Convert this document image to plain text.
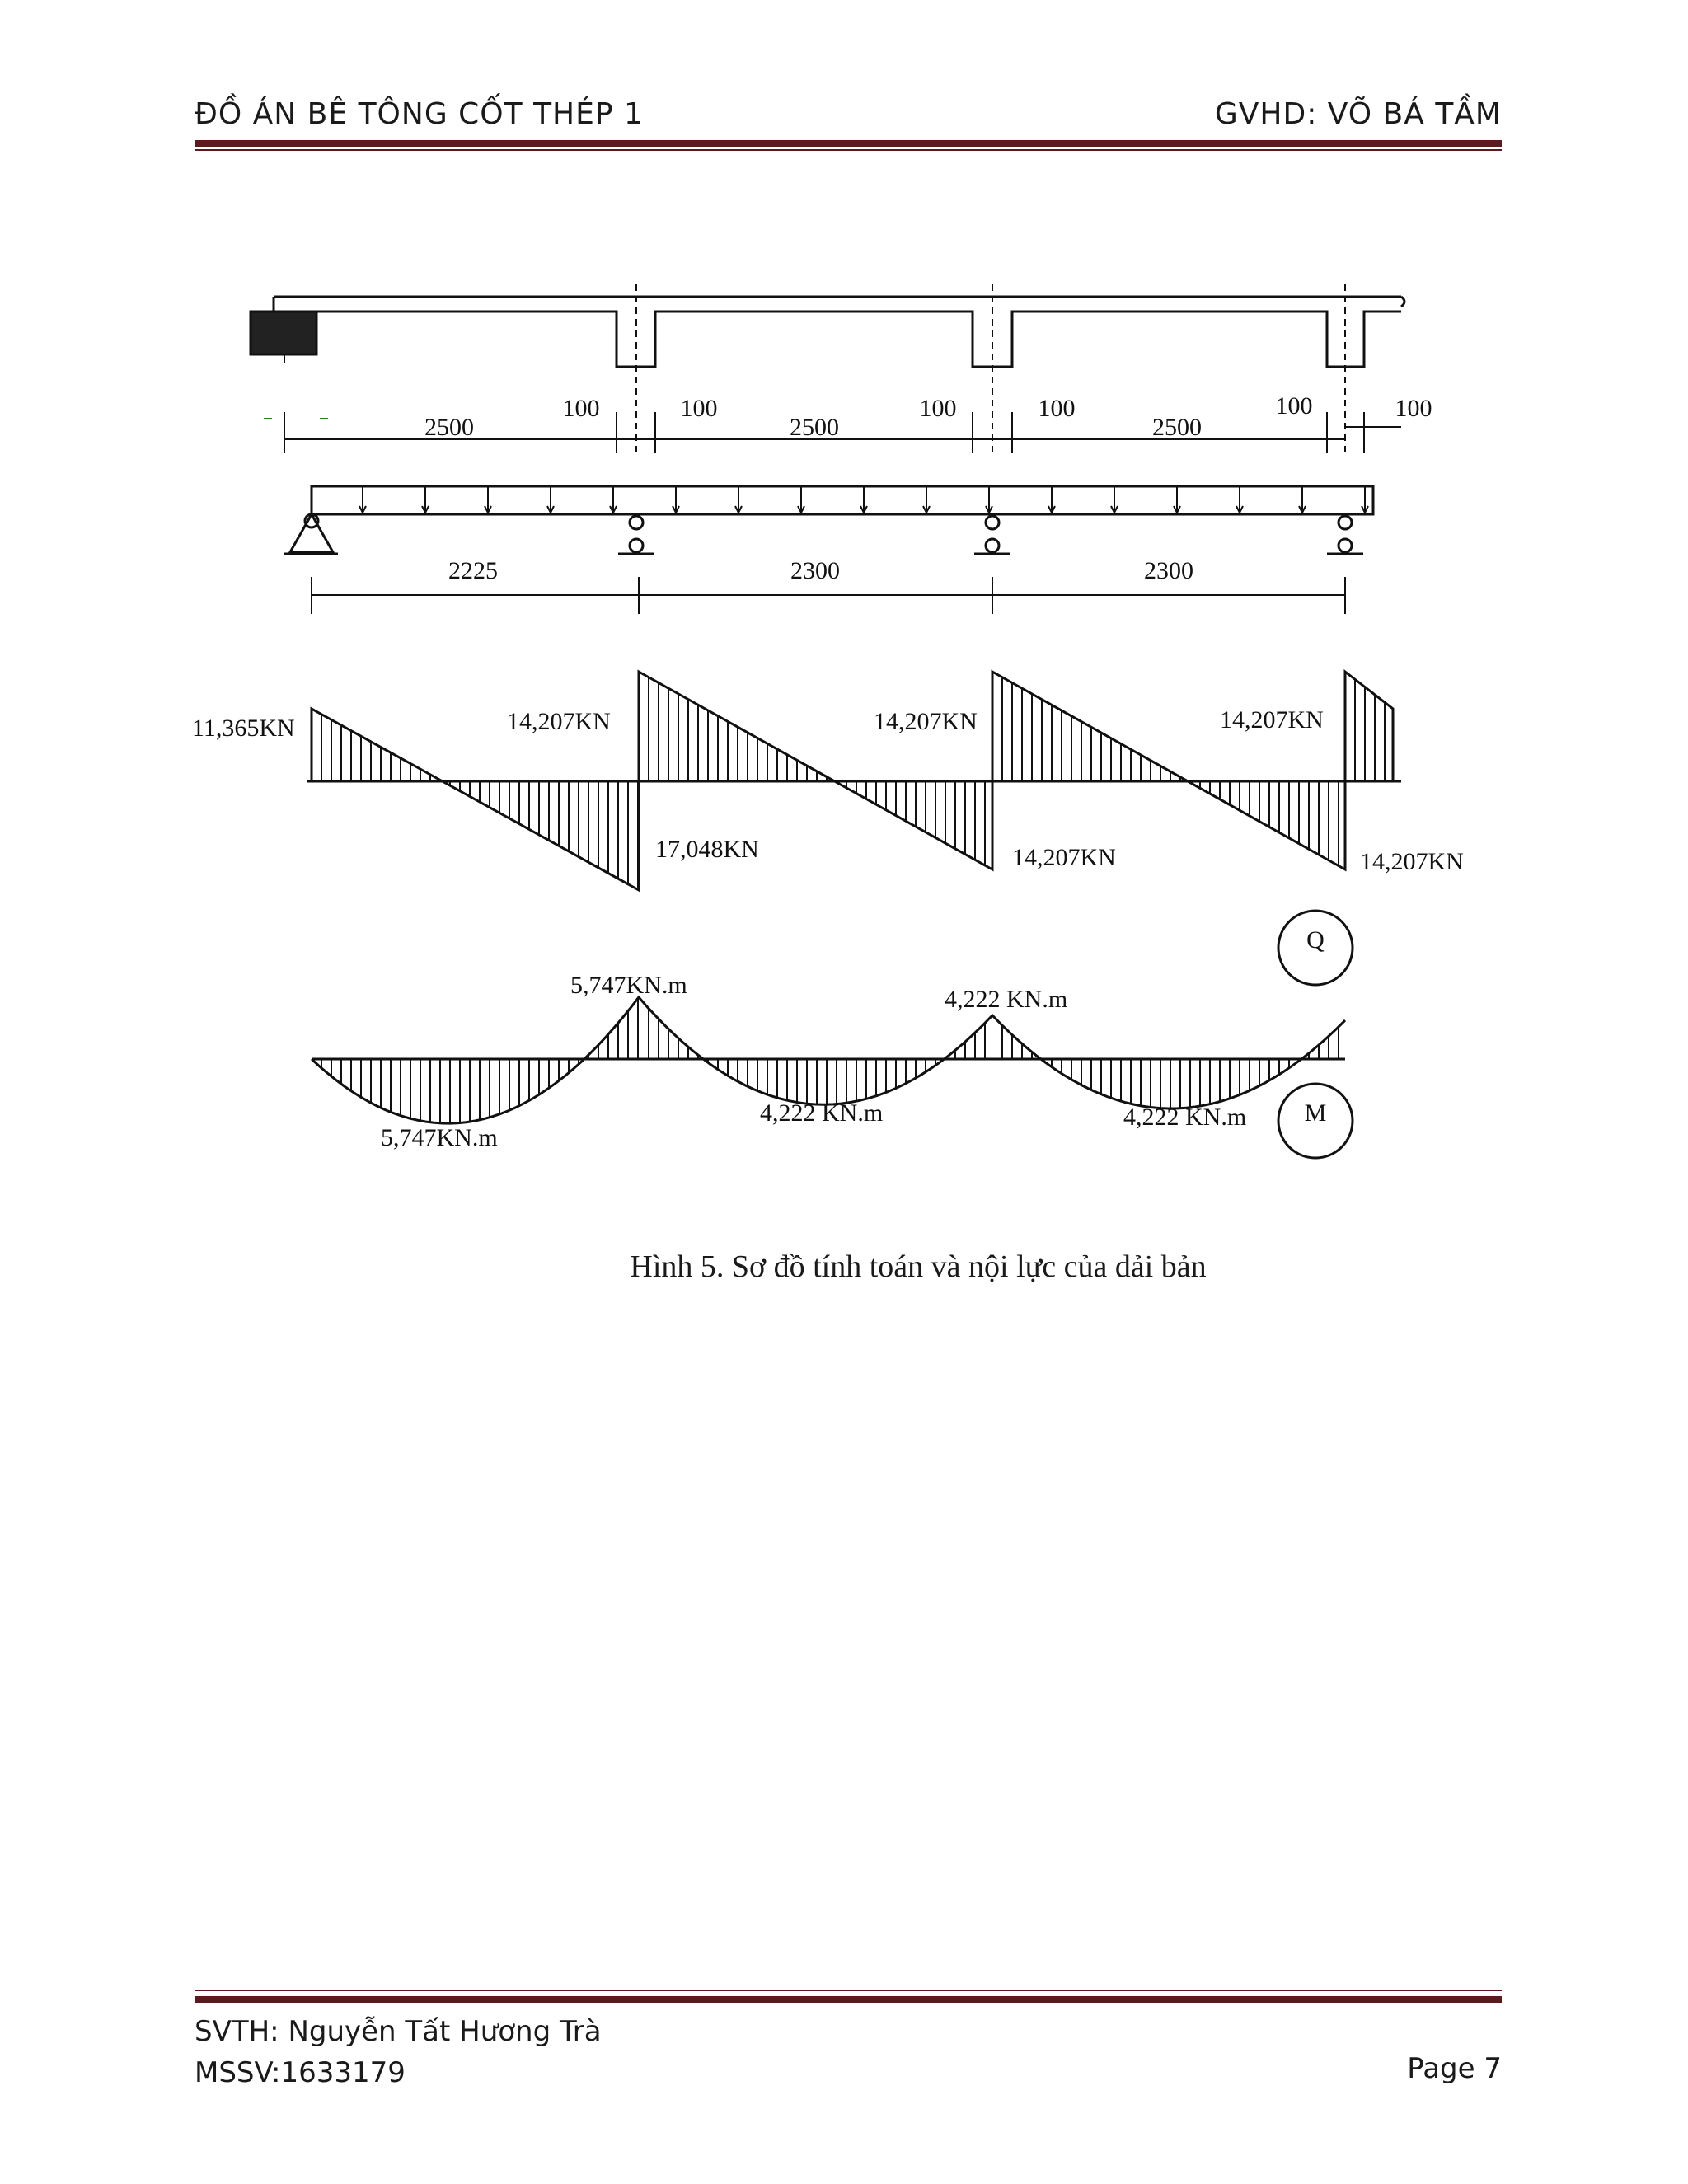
ĐỒ ÁN BÊ TÔNG CỐT THÉP 1	GVHD: VÕ BÁ TẦM
2500
100	100
2500
100	100
2500
100	100
2225	2300	2300
11,365KN	14,207KN
17,048KN
14,207KN
14,207KN
14,207KN
14,207KN
Q
5,747KN.m
5,747KN.m
4,222 KN.m
4,222 KN.m
4,222 KN.m M
Hình 5. Sơ đồ tính toán và nội lực của dải bản
SVTH: Nguyễn Tất Hương Trà
MSSV:1633179	Page 7
